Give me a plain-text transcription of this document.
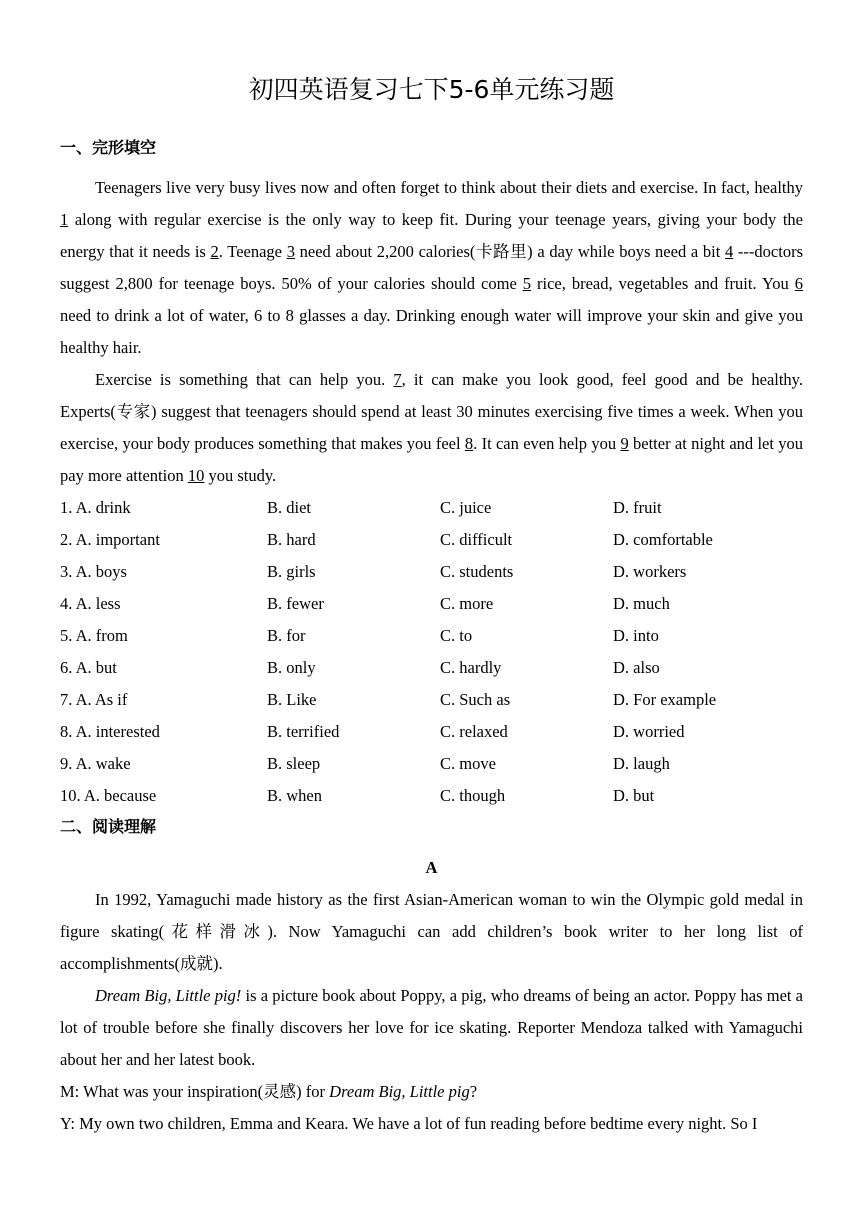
初四英语复习七下5-6单元练习题
一、完形填空

Teenagers live very busy lives now and often forget to think about their diets and exercise. In fact, healthy 1 along with regular exercise is the only way to keep fit. During your teenage years, giving your body the energy that it needs is 2. Teenage 3 need about 2,200 calories(卡路里) a day while boys need a bit 4 ---doctors suggest 2,800 for teenage boys. 50% of your calories should come 5 rice, bread, vegetables and fruit. You 6 need to drink a lot of water, 6 to 8 glasses a day. Drinking enough water will improve your skin and give you healthy hair.

Exercise is something that can help you. 7, it can make you look good, feel good and be healthy. Experts(专家) suggest that teenagers should spend at least 30 minutes exercising five times a week. When you exercise, your body produces something that makes you feel 8. It can even help you 9 better at night and let you pay more attention 10 you study.

1. A. drink	B. diet	C. juice	D. fruit
2. A. important	B. hard	C. difficult	D. comfortable
3. A. boys	B. girls	C. students	D. workers
4. A. less	B. fewer	C. more	D. much
5. A. from	B. for	C. to	D. into
6. A. but	B. only	C. hardly	D. also
7. A. As if	B. Like	C. Such as	D. For example
8. A. interested	B. terrified	C. relaxed	D. worried
9. A. wake	B. sleep	C. move	D. laugh
10. A. because	B. when	C. though	D. but
二、阅读理解
A

In 1992, Yamaguchi made history as the first Asian-American woman to win the Olympic gold medal in figure skating(花样滑冰). Now Yamaguchi can add children’s book writer to her long list of accomplishments(成就).

Dream Big, Little pig! is a picture book about Poppy, a pig, who dreams of being an actor. Poppy has met a lot of trouble before she finally discovers her love for ice skating. Reporter Mendoza talked with Yamaguchi about her and her latest book.

M: What was your inspiration(灵感) for Dream Big, Little pig?

Y: My own two children, Emma and Keara. We have a lot of fun reading before bedtime every night. So I
